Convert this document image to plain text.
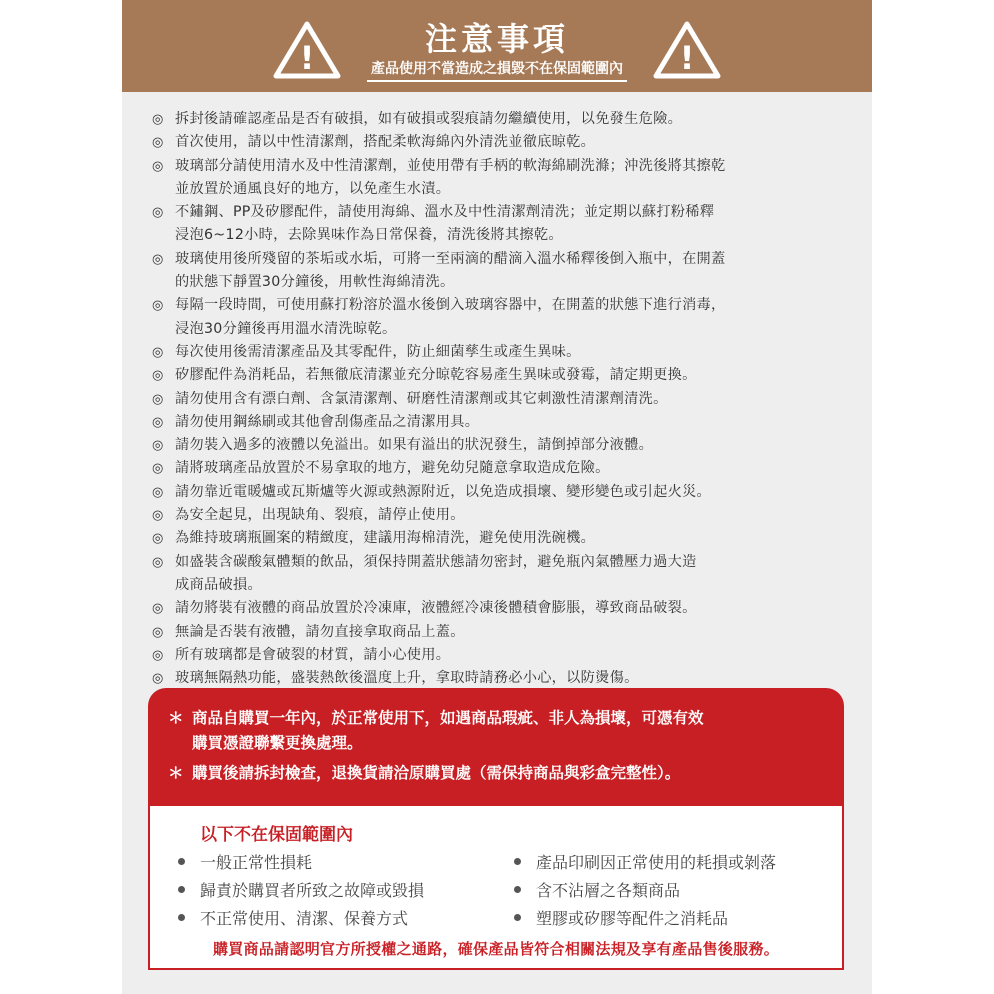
!	注意事項
產品使用不當造成之損毀不在保固範圍內	!
◎ 拆封後請確認產品是否有破損，如有破損或裂痕請勿繼續使用，以免發生危險。
◎ 首次使用，請以中性清潔劑，搭配柔軟海綿內外清洗並徹底晾乾。
◎ 玻璃部分請使用清水及中性清潔劑，並使用帶有手柄的軟海綿刷洗滌；沖洗後將其擦乾
並放置於通風良好的地方，以免產生水漬。
◎ 不鏽鋼、PP及矽膠配件，請使用海綿、溫水及中性清潔劑清洗；並定期以蘇打粉稀釋
浸泡6~12小時，去除異味作為日常保養，清洗後將其擦乾。
◎ 玻璃使用後所殘留的茶垢或水垢，可將一至兩滴的醋滴入溫水稀釋後倒入瓶中，在開蓋
的狀態下靜置30分鐘後，用軟性海綿清洗。
◎ 每隔一段時間，可使用蘇打粉溶於溫水後倒入玻璃容器中，在開蓋的狀態下進行消毒，
浸泡30分鐘後再用溫水清洗晾乾。
◎ 每次使用後需清潔產品及其零配件，防止細菌孳生或產生異味。
◎ 矽膠配件為消耗品，若無徹底清潔並充分晾乾容易產生異味或發霉，請定期更換。
◎ 請勿使用含有漂白劑、含氯清潔劑、研磨性清潔劑或其它刺激性清潔劑清洗。
◎ 請勿使用鋼絲刷或其他會刮傷產品之清潔用具。
◎ 請勿裝入過多的液體以免溢出。如果有溢出的狀況發生，請倒掉部分液體。
◎ 請將玻璃產品放置於不易拿取的地方，避免幼兒隨意拿取造成危險。
◎ 請勿靠近電暖爐或瓦斯爐等火源或熱源附近，以免造成損壞、變形變色或引起火災。
◎ 為安全起見，出現缺角、裂痕，請停止使用。
◎ 為維持玻璃瓶圖案的精緻度，建議用海棉清洗，避免使用洗碗機。
◎ 如盛裝含碳酸氣體類的飲品，須保持開蓋狀態請勿密封，避免瓶內氣體壓力過大造
成商品破損。
◎ 請勿將裝有液體的商品放置於冷凍庫，液體經冷凍後體積會膨脹，導致商品破裂。
◎ 無論是否裝有液體，請勿直接拿取商品上蓋。
◎ 所有玻璃都是會破裂的材質，請小心使用。
◎ 玻璃無隔熱功能，盛裝熱飲後溫度上升，拿取時請務必小心，以防燙傷。
＊ 商品自購買一年內，於正常使用下，如遇商品瑕疵、非人為損壞，可憑有效
購買憑證聯繫更換處理。
＊ 購買後請拆封檢查，退換貨請洽原購買處（需保持商品與彩盒完整性）。
以下不在保固範圍內
一般正常性損耗
歸責於購買者所致之故障或毀損
不正常使用、清潔、保養方式
產品印刷因正常使用的耗損或剝落
含不沾層之各類商品
塑膠或矽膠等配件之消耗品
購買商品請認明官方所授權之通路，確保產品皆符合相關法規及享有產品售後服務。
